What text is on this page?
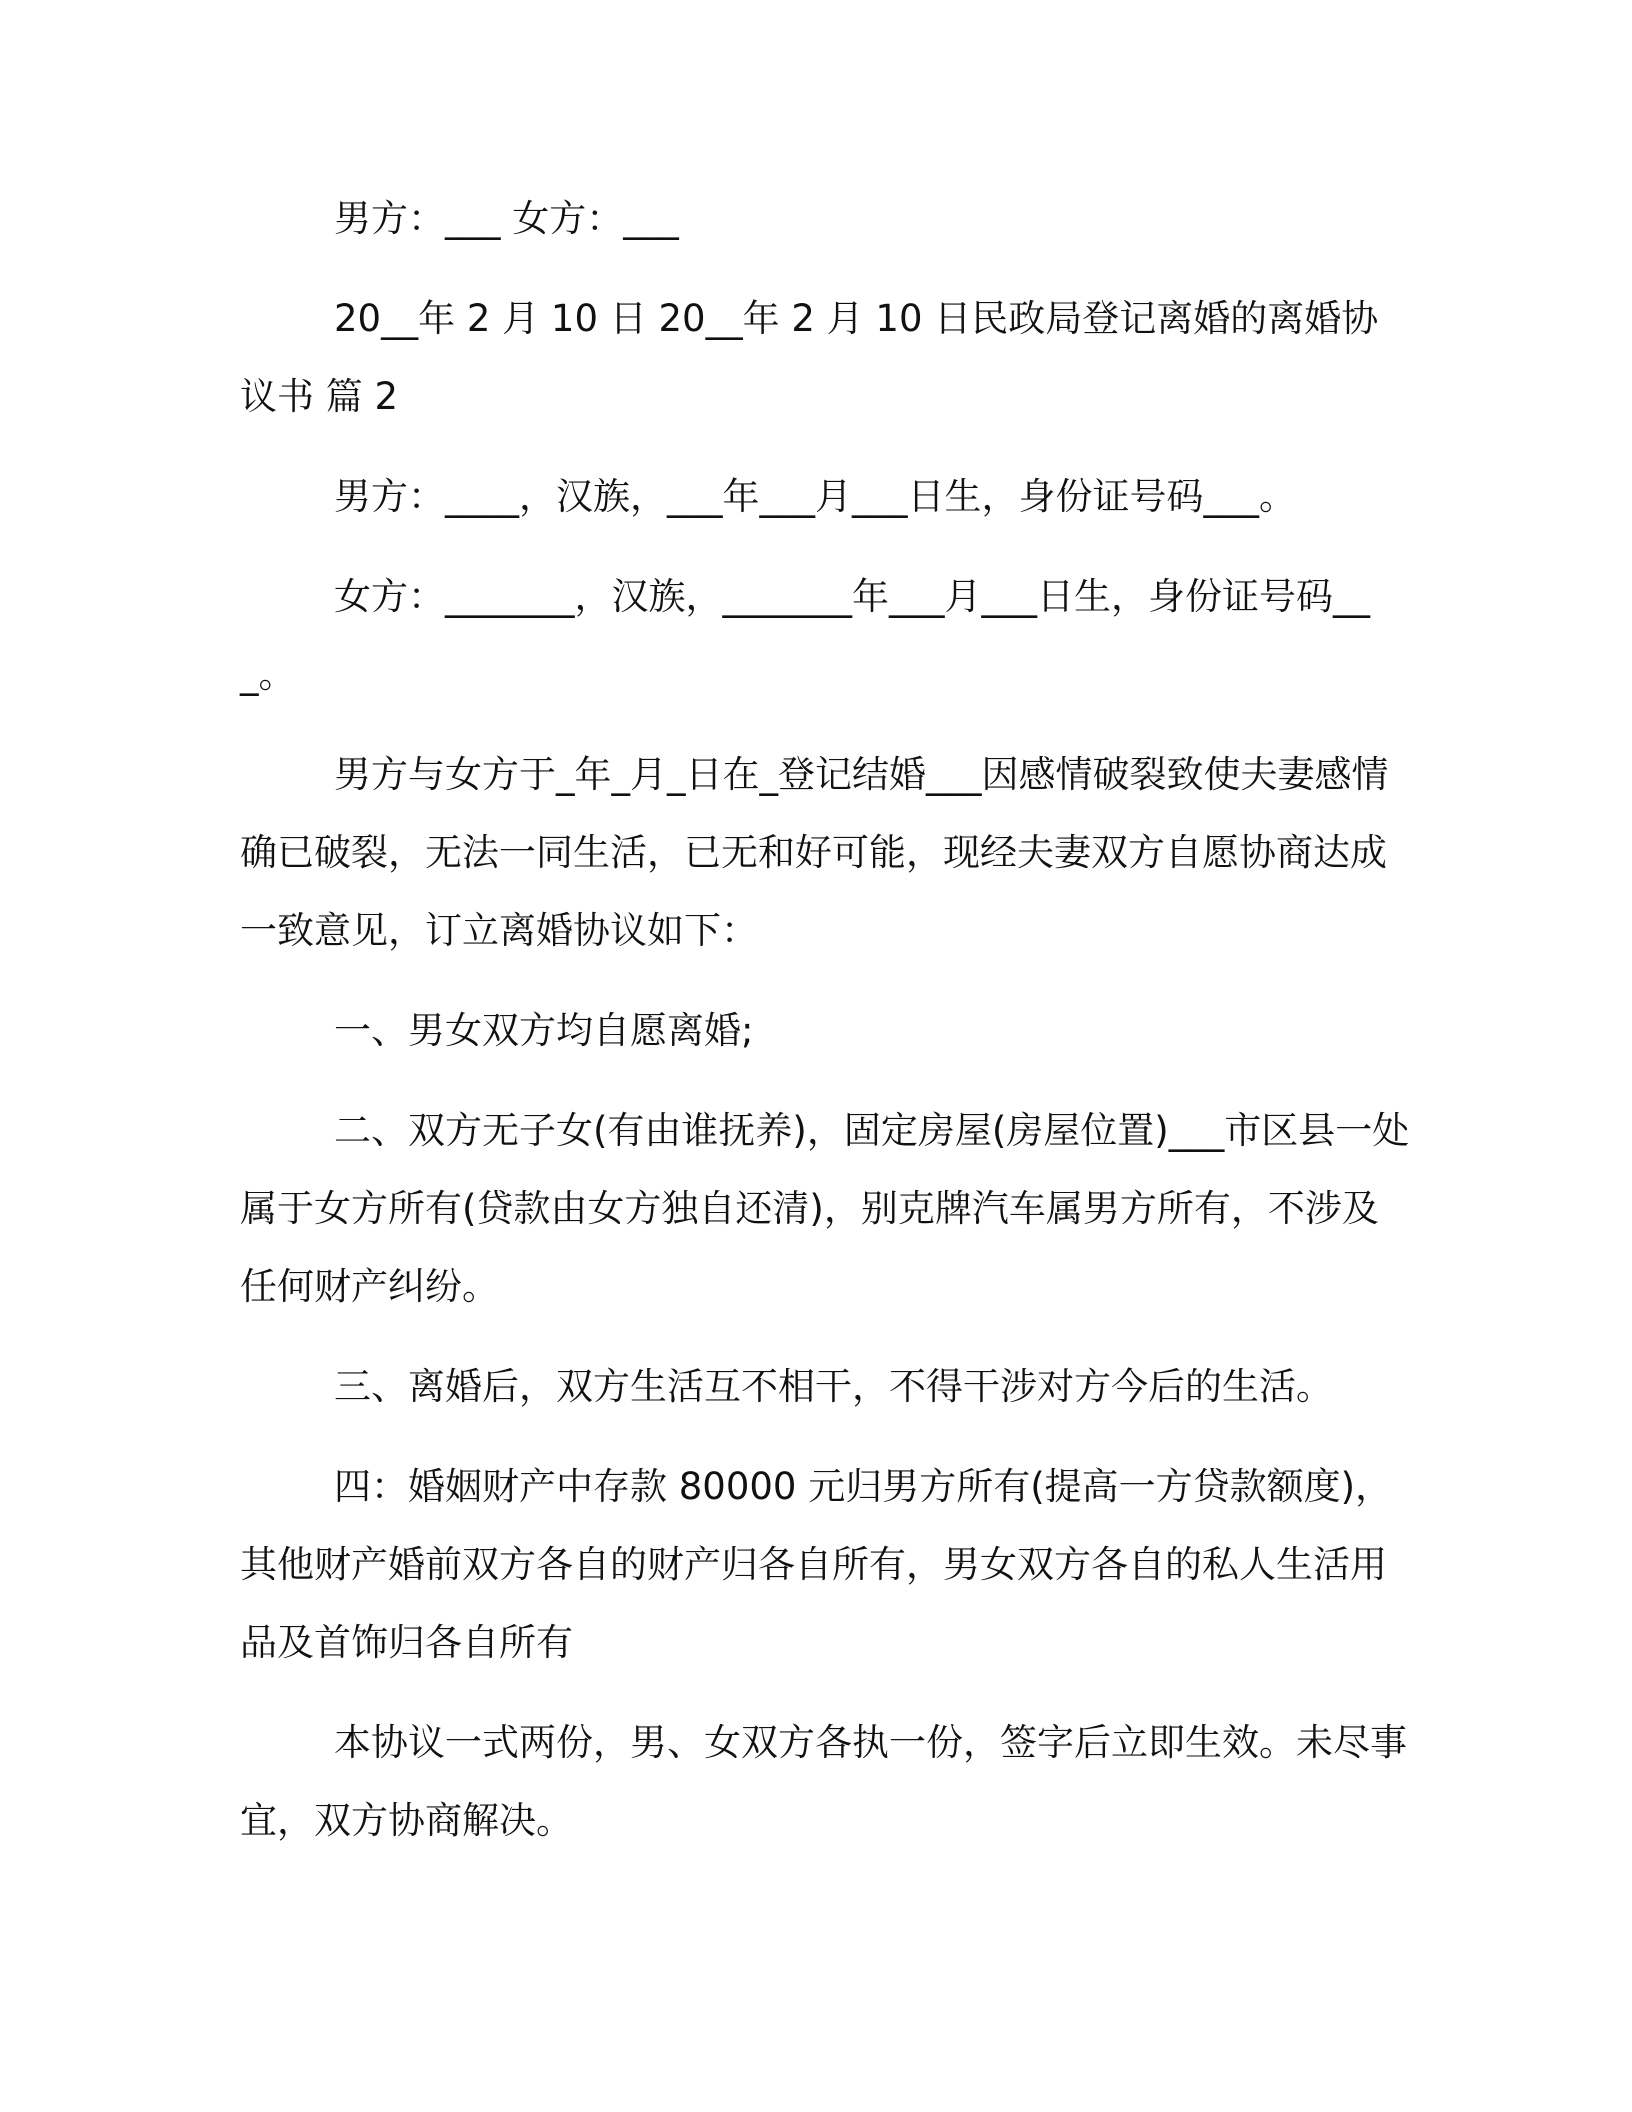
男方：___ 女方：___

20__年 2 月 10 日 20__年 2 月 10 日民政局登记离婚的离婚协议书 篇 2

男方：____，汉族，___年___月___日生，身份证号码___。

女方：_______，汉族，_______年___月___日生，身份证号码___。

男方与女方于_年_月_日在_登记结婚___因感情破裂致使夫妻感情确已破裂，无法一同生活，已无和好可能，现经夫妻双方自愿协商达成一致意见，订立离婚协议如下：

一、男女双方均自愿离婚;

二、双方无子女(有由谁抚养)，固定房屋(房屋位置)___市区县一处属于女方所有(贷款由女方独自还清)，别克牌汽车属男方所有，不涉及任何财产纠纷。

三、离婚后，双方生活互不相干，不得干涉对方今后的生活。

四：婚姻财产中存款 80000 元归男方所有(提高一方贷款额度)，其他财产婚前双方各自的财产归各自所有，男女双方各自的私人生活用品及首饰归各自所有

本协议一式两份，男、女双方各执一份，签字后立即生效。未尽事宜，双方协商解决。
